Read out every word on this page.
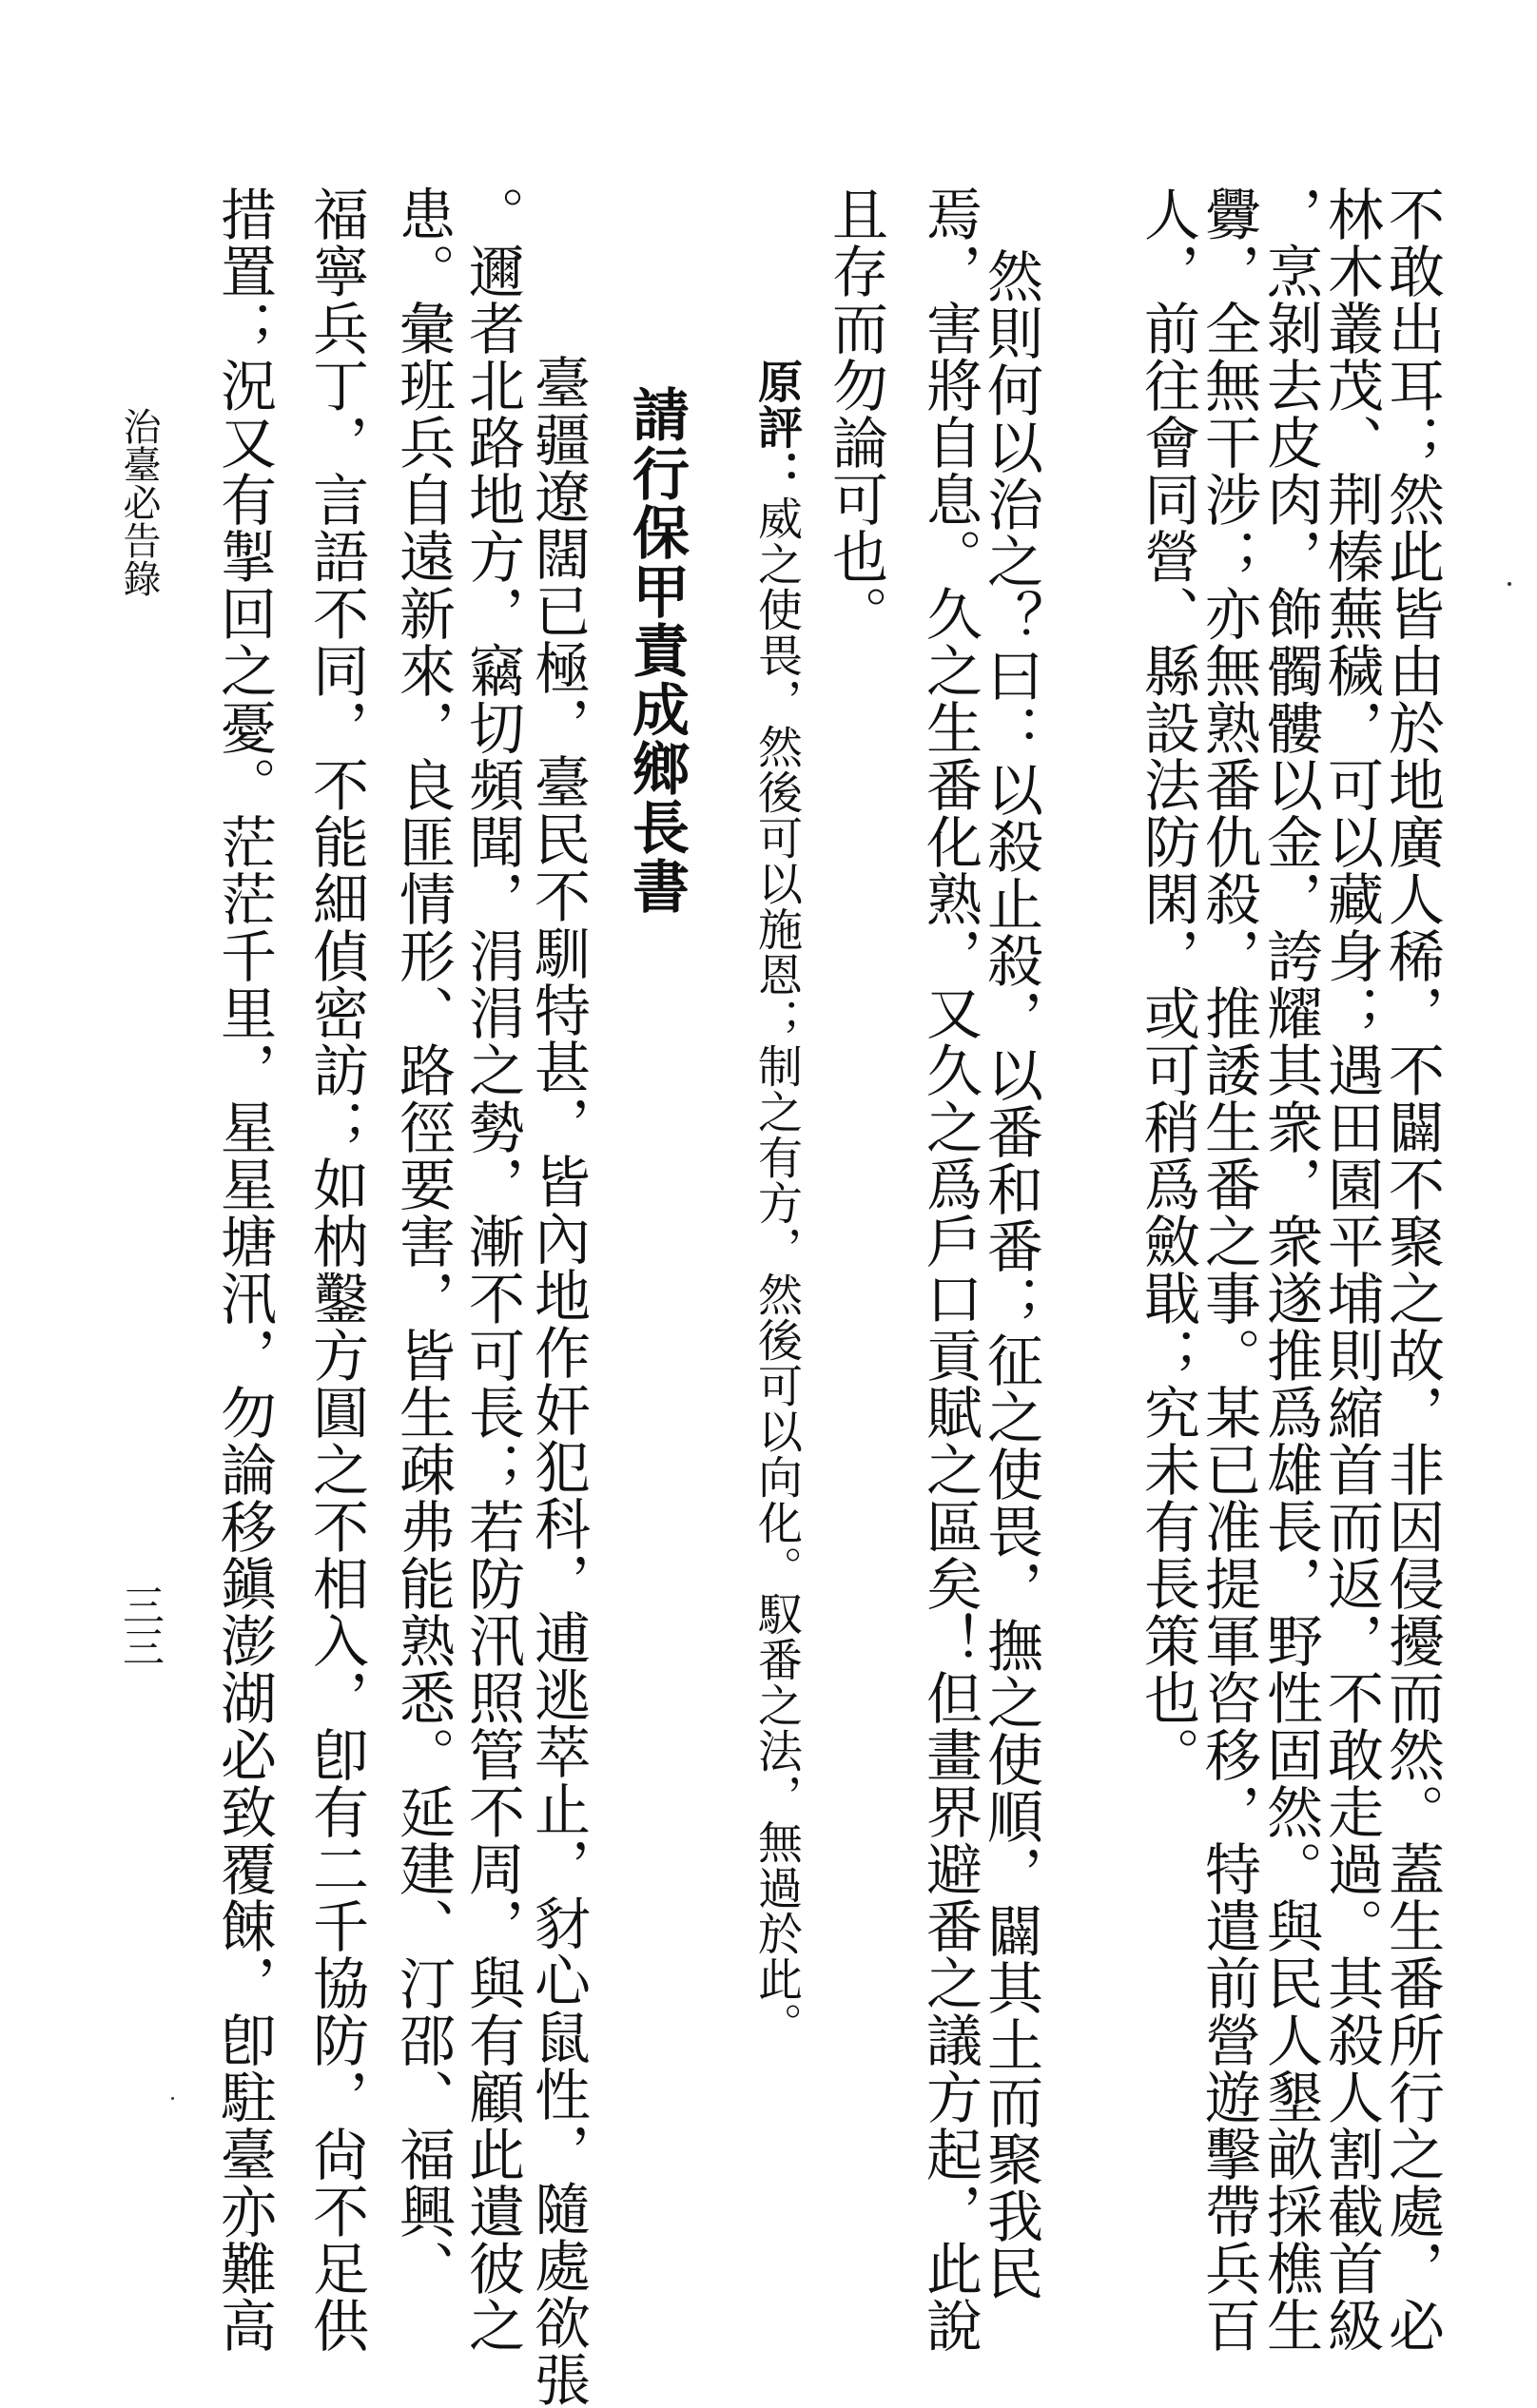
不敢出耳；然此皆由於地廣人稀，不闢不聚之故，非因侵擾而然。蓋生番所行之處，必

林木叢茂、荆榛蕪穢，可以藏身；遇田園平埔則縮首而返，不敢走過。其殺人割截首級

，烹剝去皮肉，飾髑髏以金，誇耀其衆，衆遂推爲雄長，野性固然。與民人墾畝採樵生

釁，全無干涉；亦無熟番仇殺，推諉生番之事。某已准提軍咨移，特遣前營遊擊帶兵百

人，前往會同營、縣設法防閑，或可稍爲斂戢；究未有長策也。

然則何以治之？曰：以殺止殺，以番和番；征之使畏，撫之使順，闢其土而聚我民

焉，害將自息。久之生番化熟，又久之爲戶口貢賦之區矣！但畫界避番之議方起，此說

且存而勿論可也。

原評：威之使畏，然後可以施恩；制之有方，然後可以向化。馭番之法，無過於此。
請行保甲責成鄉長書

臺疆遼闊已極，臺民不馴特甚，皆內地作奸犯科，逋逃萃止，豺心鼠性，隨處欲張

。邇者北路地方，竊切頻聞，涓涓之勢，漸不可長；若防汛照管不周，與有顧此遺彼之

患。彙班兵自遠新來，良匪情形、路徑要害，皆生疎弗能熟悉。延建、汀邵、福興、

福寧兵丁，言語不同，不能細偵密訪；如枘鑿方圓之不相入，卽有二千協防，尙不足供

措置；況又有掣回之憂。茫茫千里，星星塘汛，勿論移鎭澎湖必致覆餗，卽駐臺亦難高

治臺必告錄
三三
